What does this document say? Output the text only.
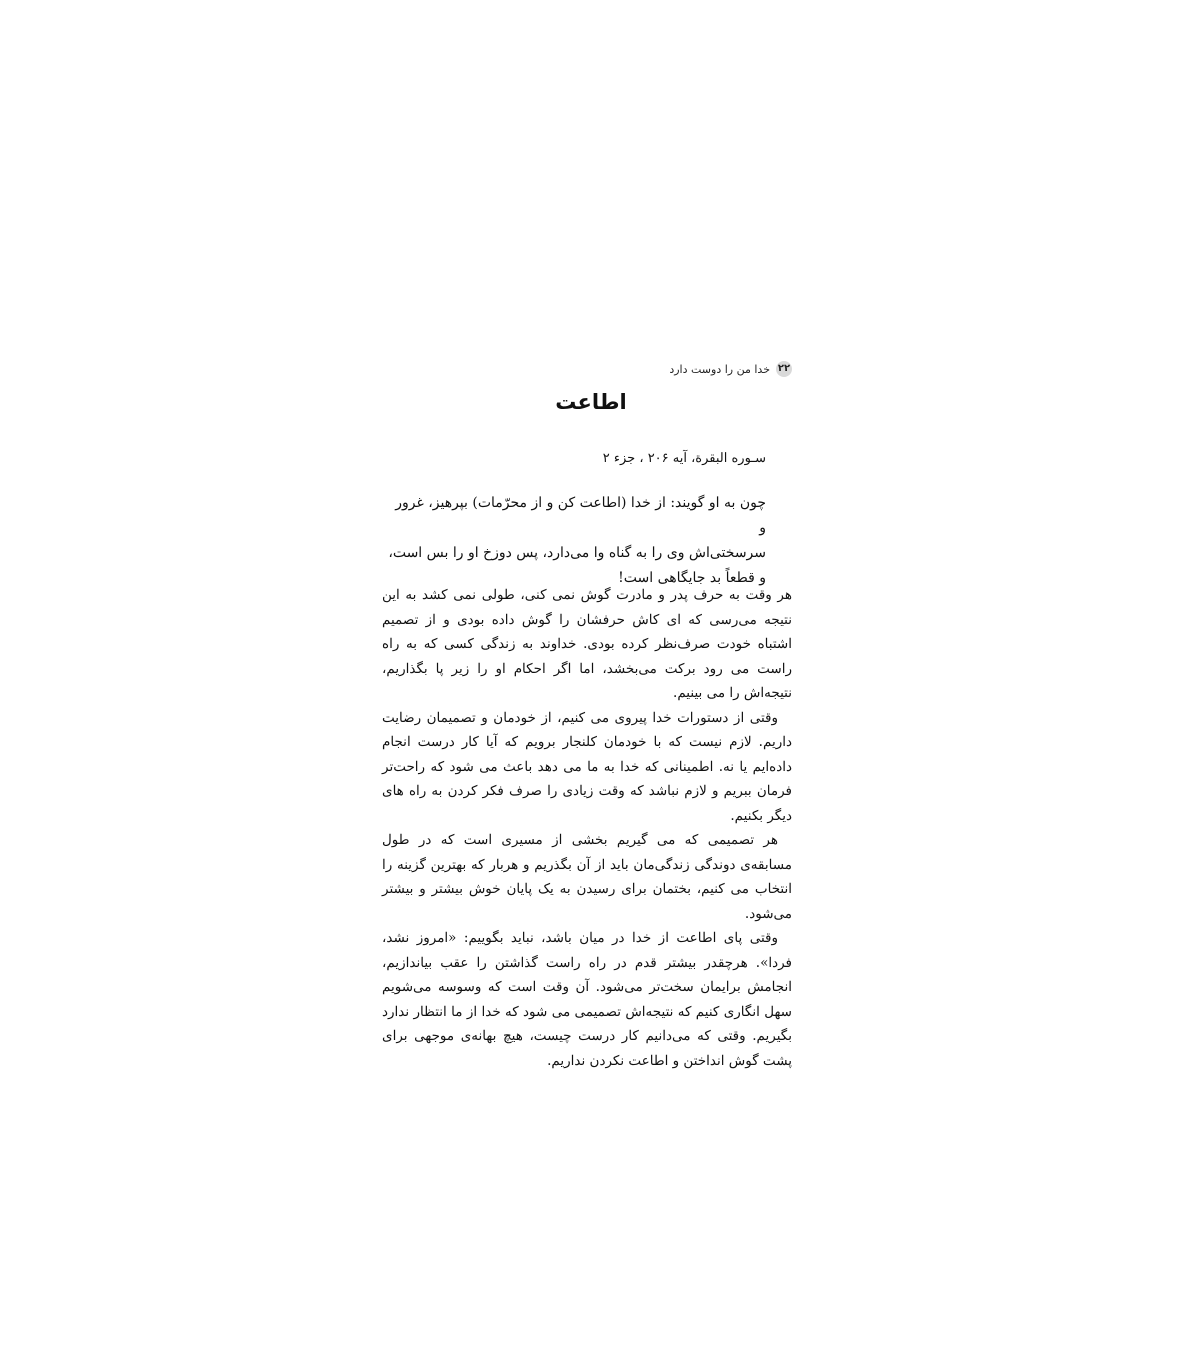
۲۲
خدا من را دوست دارد
اطاعت
سـوره البقرة، آیه ۲۰۶ ، جزء ۲

چون به او گویند: از خدا (اطاعت کن و از محرّمات) بپرهیز، غرور و

سرسختی‌اش وی را به گناه وا می‌دارد، پس دوزخ او را بس است،

و قطعاً بد جایگاهی است!

هر وقت به حرف پدر و مادرت گوش نمی کنی، طولی نمی کشد به این نتیجه می‌رسی که ای کاش حرفشان را گوش داده بودی و از تصمیم اشتباه خودت صرف‌نظر کرده بودی. خداوند به زندگی کسی که به راه راست می رود برکت می‌بخشد، اما اگر احکام او را زیر پا بگذاریم، نتیجه‌اش را می بینیم.

وقتی از دستورات خدا پیروی می کنیم، از خودمان و تصمیمان رضایت داریم. لازم نیست که با خودمان کلنجار برویم که آیا کار درست انجام داده‌ایم یا نه. اطمینانی که خدا به ما می دهد باعث می شود که راحت‌تر فرمان ببریم و لازم نباشد که وقت زیادی را صرف فکر کردن به راه های دیگر بکنیم.

هر تصمیمی که می گیریم بخشی از مسیری است که در طول مسابقه‌ی دوندگی زندگی‌مان باید از آن بگذریم و هربار که بهترین گزینه را انتخاب می کنیم، بختمان برای رسیدن به یک پایان خوش بیشتر و بیشتر می‌شود.

وقتی پای اطاعت از خدا در میان باشد، نباید بگوییم: «امروز نشد، فردا». هرچقدر بیشتر قدم در راه راست گذاشتن را عقب بیاندازیم، انجامش برایمان سخت‌تر می‌شود. آن وقت است که وسوسه می‌شویم سهل انگاری کنیم که نتیجه‌اش تصمیمی می شود که خدا از ما انتظار ندارد بگیریم. وقتی که می‌دانیم کار درست چیست، هیچ بهانه‌ی موجهی برای پشت گوش انداختن و اطاعت نکردن نداریم.
